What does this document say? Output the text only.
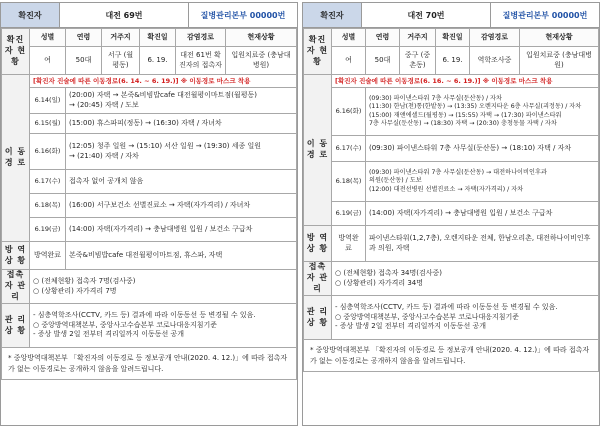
확진자	대전 69번	질병관리본부 00000번
확진자 현 황	성별	연령	거주지	확진일	감염경로	현재상황
	여	50대	서구 (월평동)	6. 19.	대전 61번 확진자의 접촉자	입원치료중 (충남대병원)
이 동 경 로	[확진자 진술에 따른 이동경로(6. 14. ~ 6. 19.)] ※ 이동경로 마스크 착용					
	6.14(일)	(20:00) 자택 → 본죽&비빔밥cafe 대전월평이마트점(월평동)
→ (20:45) 자택 / 도보				

	6.15(월)	(15:00) 휴스파피(정동) → (16:30) 자택 / 자녀차				

	6.16(화)	(12:05) 청주 일원 → (15:10) 서산 일원 → (19:30) 세종 일원
→ (21:40) 자택 / 자차				

	6.17(수)	접촉자 없어 공개치 않음				

	6.18(목)	(16:00) 서구보건소 선별진료소 → 자택(자가격리) / 자녀차				

	6.19(금)	(14:00) 자택(자가격리) → 충남대병원 입원 / 보건소 구급차				

방 역 상 황	방역완료	본죽&비빔밥cafe 대전월평이마트점, 휴스파, 자택				
접촉자 관 리	○ (전체현황) 접촉자 7명(검사중)
○ (상황관리) 자가격리 7명					

관 리 상 황	- 심층역학조사(CCTV, 카드 등) 결과에 따라 이동동선 등 변경될 수 있음.
○ 중앙방역대책본부, 중앙사고수습본부 코로나대응지침기준
- 증상 발생 2일 전부터 격리일까지 이동동선 공개					
* 중앙방역대책본부 「확진자의 이동경로 등 정보공개 안내(2020. 4. 12.)」에 따라 접촉자가 없는 이동경로는 공개하지 않음을 알려드립니다.
확진자	대전 70번	질병관리본부 00000번
확진자 현 황	성별	연령	거주지	확진일	감염경로	현재상황
	여	50대	중구 (중촌동)	6. 19.	역학조사중	입원치료중 (충남대병원)
이 동 경 로	[확진자 진술에 따른 이동경로(6. 16. ~ 6. 19.)] ※ 이동경로 마스크 착용					
	6.16(화)	(09:30) 파이낸스타워 7층 사무실(둔산동) / 자차
(11:30) 한남(천)통(한밭동) → (13:35) 오렌지타운 6층 사무실(괴정동) / 자차
(15:00) 재앤에셀드(월평동) → (15:55) 자택 → (17:30) 파이낸스타워
7층 사무실(둔산동) → (18:30) 자택 → (20:30) 충청동물 자택 / 자차				

	6.17(수)	(09:30) 파이낸스타워 7층 사무실(둔산동) → (18:10) 자택 / 자차				

	6.18(목)	(09:30) 파이낸스타워 7층 사무실(둔산동) → 대전하나이비인후과
의원(둔산동) / 도보
(12:00) 대전선병원 선별진료소 → 자택(자가격리) / 자차				

	6.19(금)	(14:00) 자택(자가격리) → 충남대병원 입원 / 보건소 구급차				

방 역 상 황	방역완료	파이낸스타워(1,2,7층), 오렌지타운 전체, 한남오리촌, 대전하나이비인후과 의원, 자택				
접촉자 관 리	○ (전체현황) 접촉자 34명(검사중)
○ (상황관리) 자가격리 34명					

관 리 상 황	- 심층역학조사(CCTV, 카드 등) 결과에 따라 이동동선 등 변경될 수 있음.
○ 중앙방역대책본부, 중앙사고수습본부 코로나대응지침기준
- 증상 발생 2일 전부터 격리일까지 이동동선 공개					
* 중앙방역대책본부 「확진자의 이동경로 등 정보공개 안내(2020. 4. 12.)」에 따라 접촉자가 없는 이동경로는 공개하지 않음을 알려드립니다.
